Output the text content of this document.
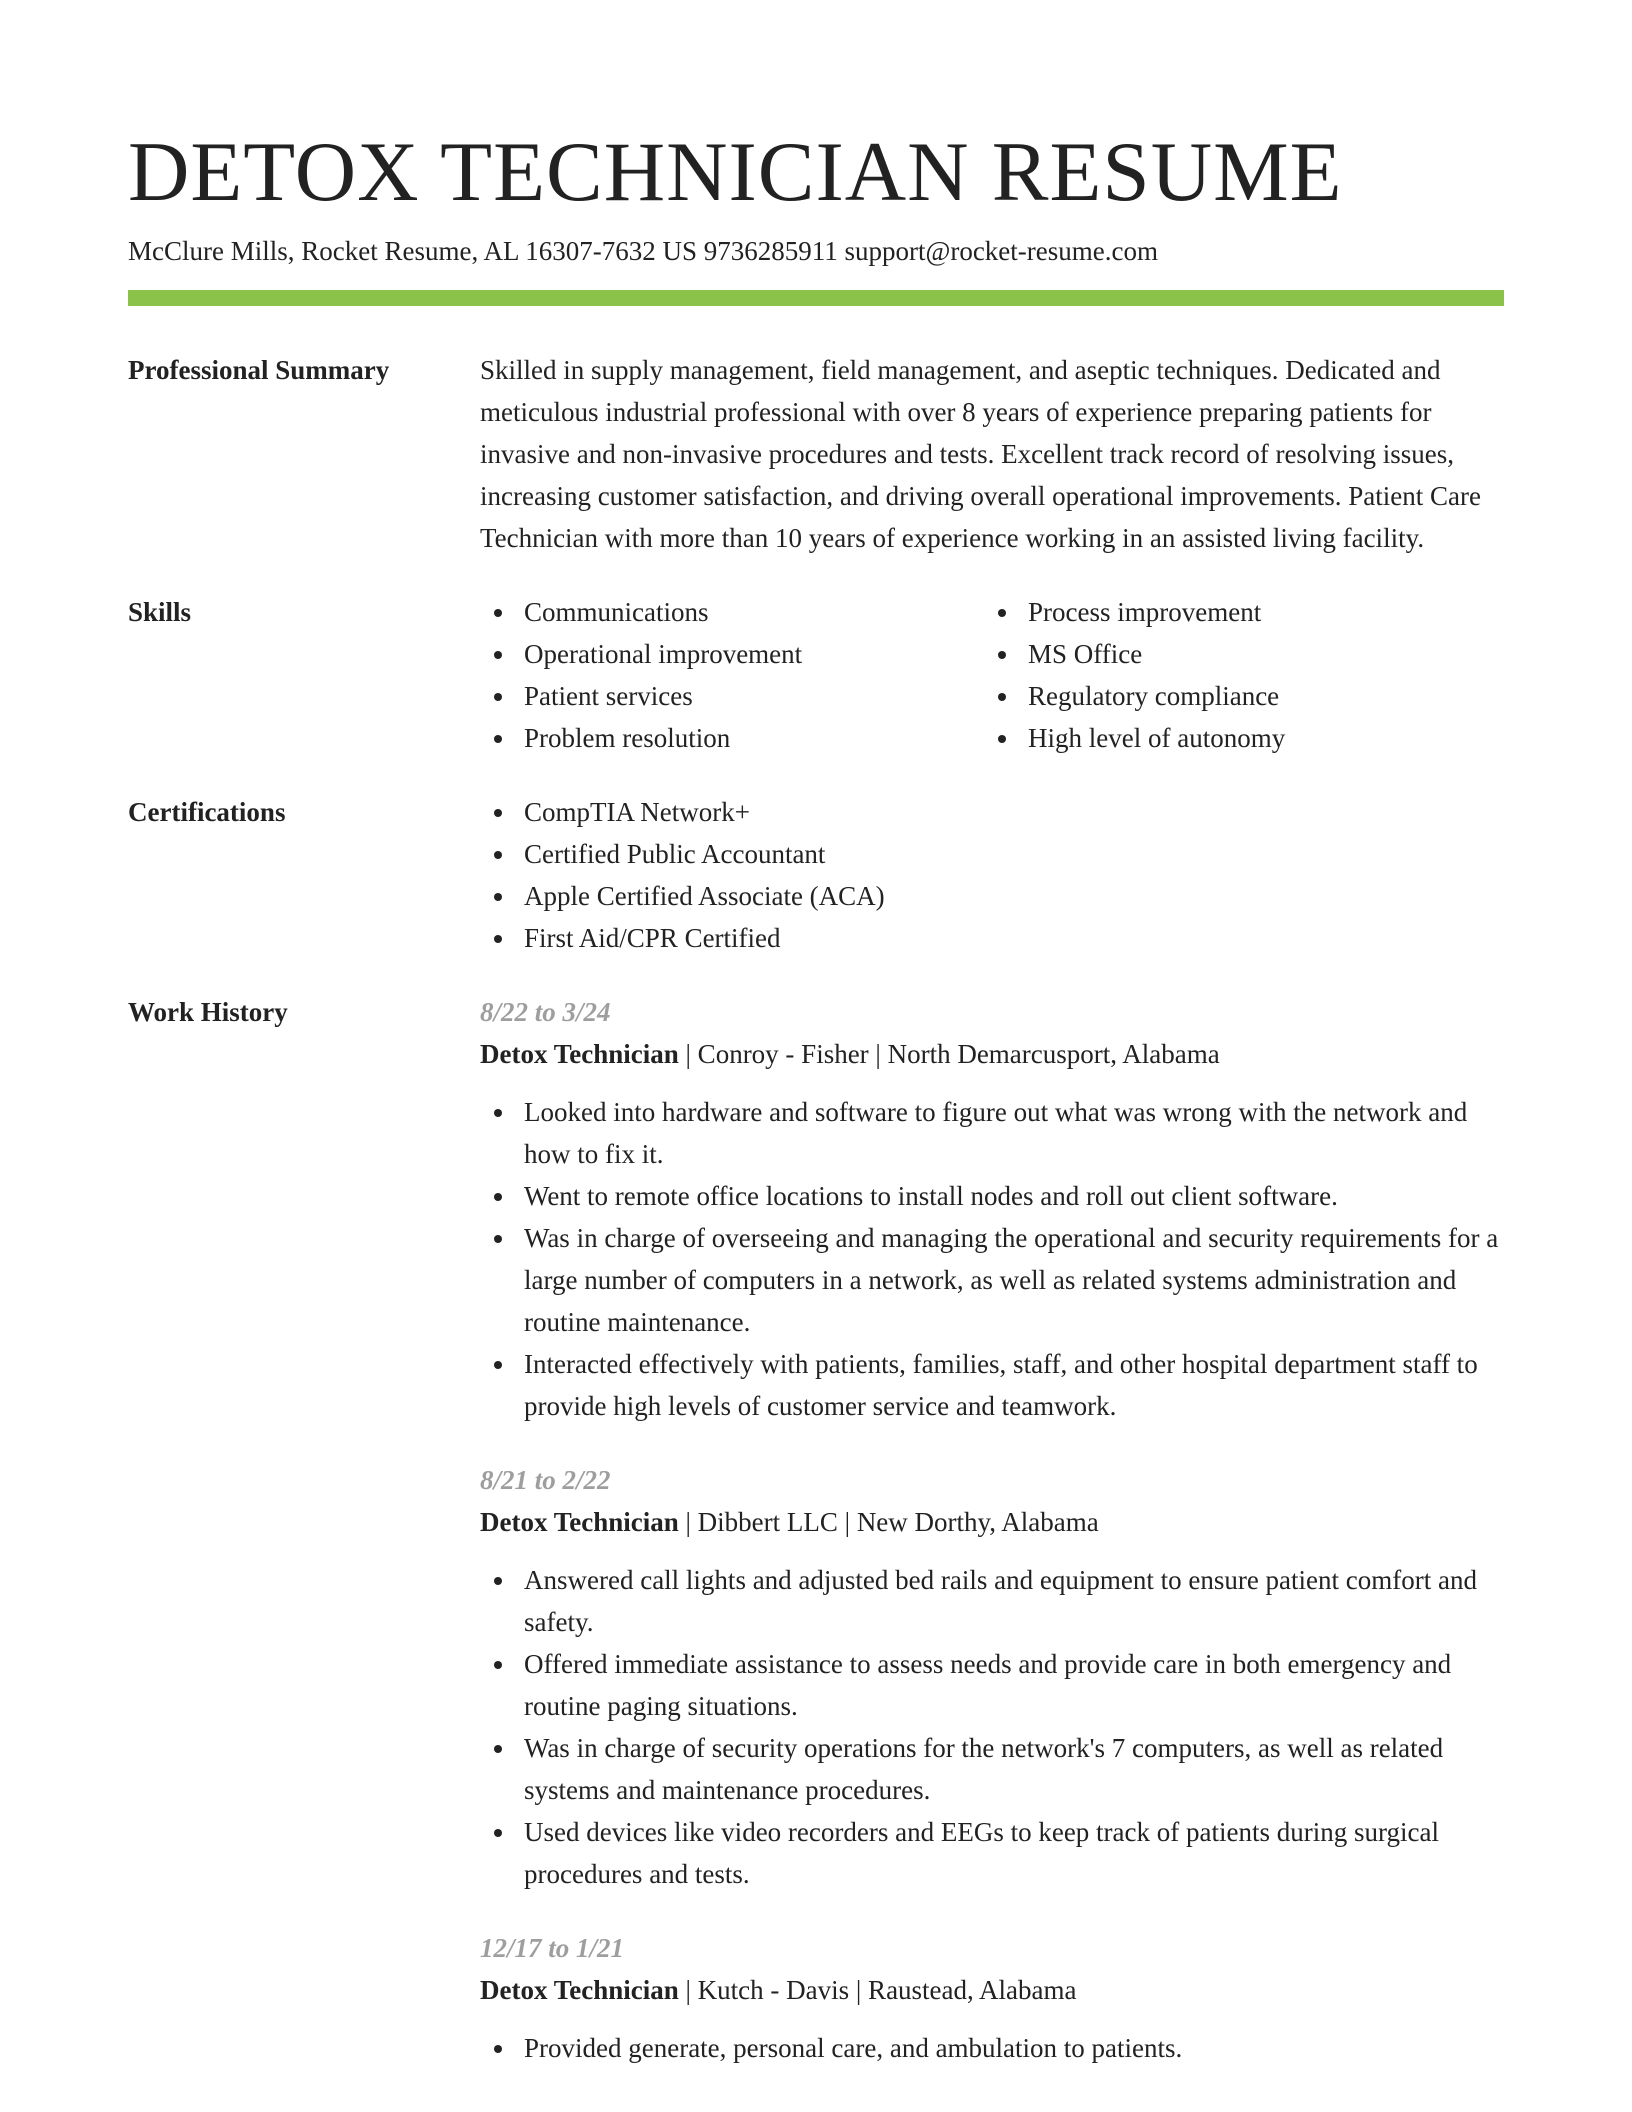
DETOX TECHNICIAN RESUME
McClure Mills, Rocket Resume, AL 16307-7632 US 9736285911 support@rocket-resume.com
Professional Summary	Skilled in supply management, field management, and aseptic techniques. Dedicated and meticulous industrial professional with over 8 years of experience preparing patients for invasive and non-invasive procedures and tests. Excellent track record of resolving issues, increasing customer satisfaction, and driving overall operational improvements. Patient Care Technician with more than 10 years of experience working in an assisted living facility.

Skills	Communications
Operational improvement
Patient services
Problem resolution
Process improvement
MS Office
Regulatory compliance
High level of autonomy
Certifications	CompTIA Network+
Certified Public Accountant
Apple Certified Associate (ACA)
First Aid/CPR Certified
Work History	8/22 to 3/24
Detox Technician | Conroy - Fisher | North Demarcusport, Alabama
Looked into hardware and software to figure out what was wrong with the network and how to fix it.
Went to remote office locations to install nodes and roll out client software.
Was in charge of overseeing and managing the operational and security requirements for a large number of computers in a network, as well as related systems administration and routine maintenance.
Interacted effectively with patients, families, staff, and other hospital department staff to provide high levels of customer service and teamwork.
8/21 to 2/22
Detox Technician | Dibbert LLC | New Dorthy, Alabama
Answered call lights and adjusted bed rails and equipment to ensure patient comfort and safety.
Offered immediate assistance to assess needs and provide care in both emergency and routine paging situations.
Was in charge of security operations for the network's 7 computers, as well as related systems and maintenance procedures.
Used devices like video recorders and EEGs to keep track of patients during surgical procedures and tests.
12/17 to 1/21
Detox Technician | Kutch - Davis | Raustead, Alabama
Provided generate, personal care, and ambulation to patients.
